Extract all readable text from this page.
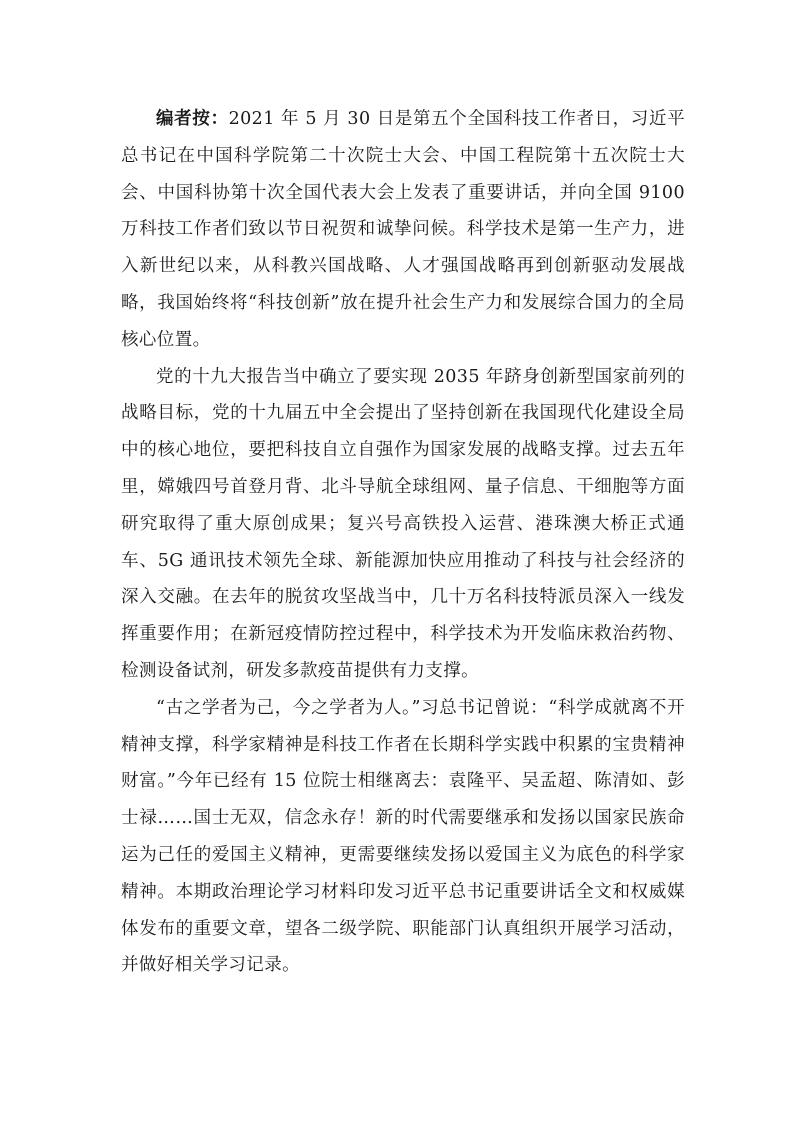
编者按：2021 年 5 月 30 日是第五个全国科技工作者日，习近平总书记在中国科学院第二十次院士大会、中国工程院第十五次院士大会、中国科协第十次全国代表大会上发表了重要讲话，并向全国 9100 万科技工作者们致以节日祝贺和诚挚问候。科学技术是第一生产力，进入新世纪以来，从科教兴国战略、人才强国战略再到创新驱动发展战略，我国始终将“科技创新”放在提升社会生产力和发展综合国力的全局核心位置。

党的十九大报告当中确立了要实现 2035 年跻身创新型国家前列的战略目标，党的十九届五中全会提出了坚持创新在我国现代化建设全局中的核心地位，要把科技自立自强作为国家发展的战略支撑。过去五年里，嫦娥四号首登月背、北斗导航全球组网、量子信息、干细胞等方面研究取得了重大原创成果；复兴号高铁投入运营、港珠澳大桥正式通车、5G 通讯技术领先全球、新能源加快应用推动了科技与社会经济的深入交融。在去年的脱贫攻坚战当中，几十万名科技特派员深入一线发挥重要作用；在新冠疫情防控过程中，科学技术为开发临床救治药物、检测设备试剂，研发多款疫苗提供有力支撑。

“古之学者为己，今之学者为人。”习总书记曾说：“科学成就离不开精神支撑，科学家精神是科技工作者在长期科学实践中积累的宝贵精神财富。”今年已经有 15 位院士相继离去：袁隆平、吴孟超、陈清如、彭士禄……国士无双，信念永存！新的时代需要继承和发扬以国家民族命运为己任的爱国主义精神，更需要继续发扬以爱国主义为底色的科学家精神。本期政治理论学习材料印发习近平总书记重要讲话全文和权威媒体发布的重要文章，望各二级学院、职能部门认真组织开展学习活动，并做好相关学习记录。
